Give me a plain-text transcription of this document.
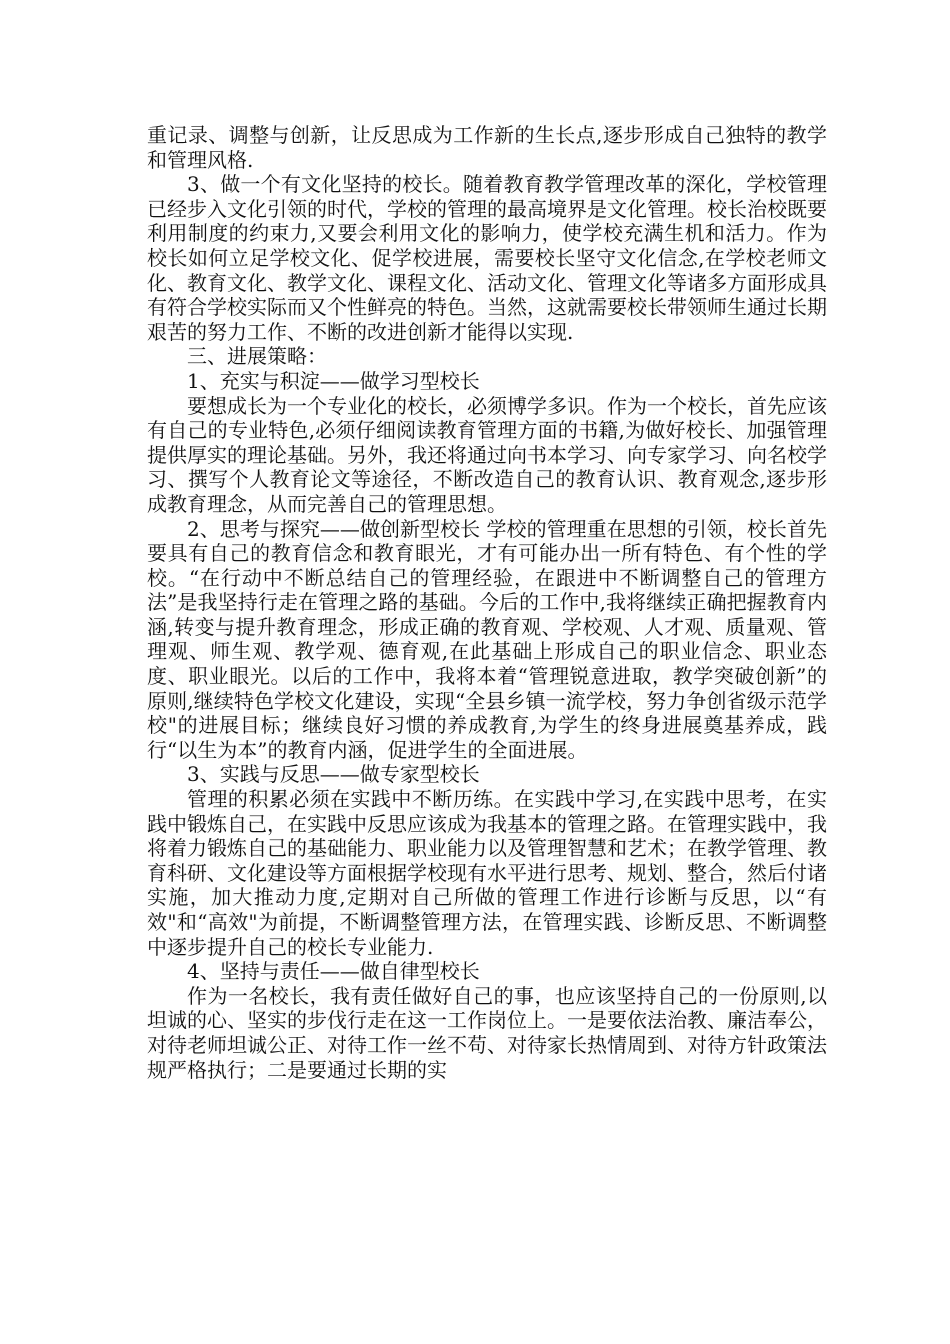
重记录、调整与创新，让反思成为工作新的生长点,逐步形成自己独特的教学和管理风格.

3、做一个有文化坚持的校长。随着教育教学管理改革的深化，学校管理已经步入文化引领的时代，学校的管理的最高境界是文化管理。校长治校既要利用制度的约束力,又要会利用文化的影响力，使学校充满生机和活力。作为校长如何立足学校文化、促学校进展，需要校长坚守文化信念,在学校老师文化、教育文化、教学文化、课程文化、活动文化、管理文化等诸多方面形成具有符合学校实际而又个性鲜亮的特色。当然，这就需要校长带领师生通过长期艰苦的努力工作、不断的改进创新才能得以实现.

三、进展策略：

1、充实与积淀——做学习型校长

要想成长为一个专业化的校长，必须博学多识。作为一个校长，首先应该有自己的专业特色,必须仔细阅读教育管理方面的书籍,为做好校长、加强管理提供厚实的理论基础。另外，我还将通过向书本学习、向专家学习、向名校学习、撰写个人教育论文等途径，不断改造自己的教育认识、教育观念,逐步形成教育理念，从而完善自己的管理思想。

2、思考与探究——做创新型校长 学校的管理重在思想的引领，校长首先要具有自己的教育信念和教育眼光，才有可能办出一所有特色、有个性的学校。“在行动中不断总结自己的管理经验，在跟进中不断调整自己的管理方法”是我坚持行走在管理之路的基础。今后的工作中,我将继续正确把握教育内涵,转变与提升教育理念，形成正确的教育观、学校观、人才观、质量观、管理观、师生观、教学观、德育观,在此基础上形成自己的职业信念、职业态度、职业眼光。以后的工作中，我将本着“管理锐意进取，教学突破创新”的原则,继续特色学校文化建设，实现“全县乡镇一流学校，努力争创省级示范学校"的进展目标；继续良好习惯的养成教育,为学生的终身进展奠基养成，践行“以生为本”的教育内涵，促进学生的全面进展。

3、实践与反思——做专家型校长

管理的积累必须在实践中不断历练。在实践中学习,在实践中思考，在实践中锻炼自己，在实践中反思应该成为我基本的管理之路。在管理实践中，我将着力锻炼自己的基础能力、职业能力以及管理智慧和艺术；在教学管理、教育科研、文化建设等方面根据学校现有水平进行思考、规划、整合，然后付诸实施，加大推动力度,定期对自己所做的管理工作进行诊断与反思，以“有效"和“高效"为前提，不断调整管理方法，在管理实践、诊断反思、不断调整中逐步提升自己的校长专业能力.

4、坚持与责任——做自律型校长

作为一名校长，我有责任做好自己的事，也应该坚持自己的一份原则,以坦诚的心、坚实的步伐行走在这一工作岗位上。一是要依法治教、廉洁奉公，对待老师坦诚公正、对待工作一丝不苟、对待家长热情周到、对待方针政策法规严格执行；二是要通过长期的实
